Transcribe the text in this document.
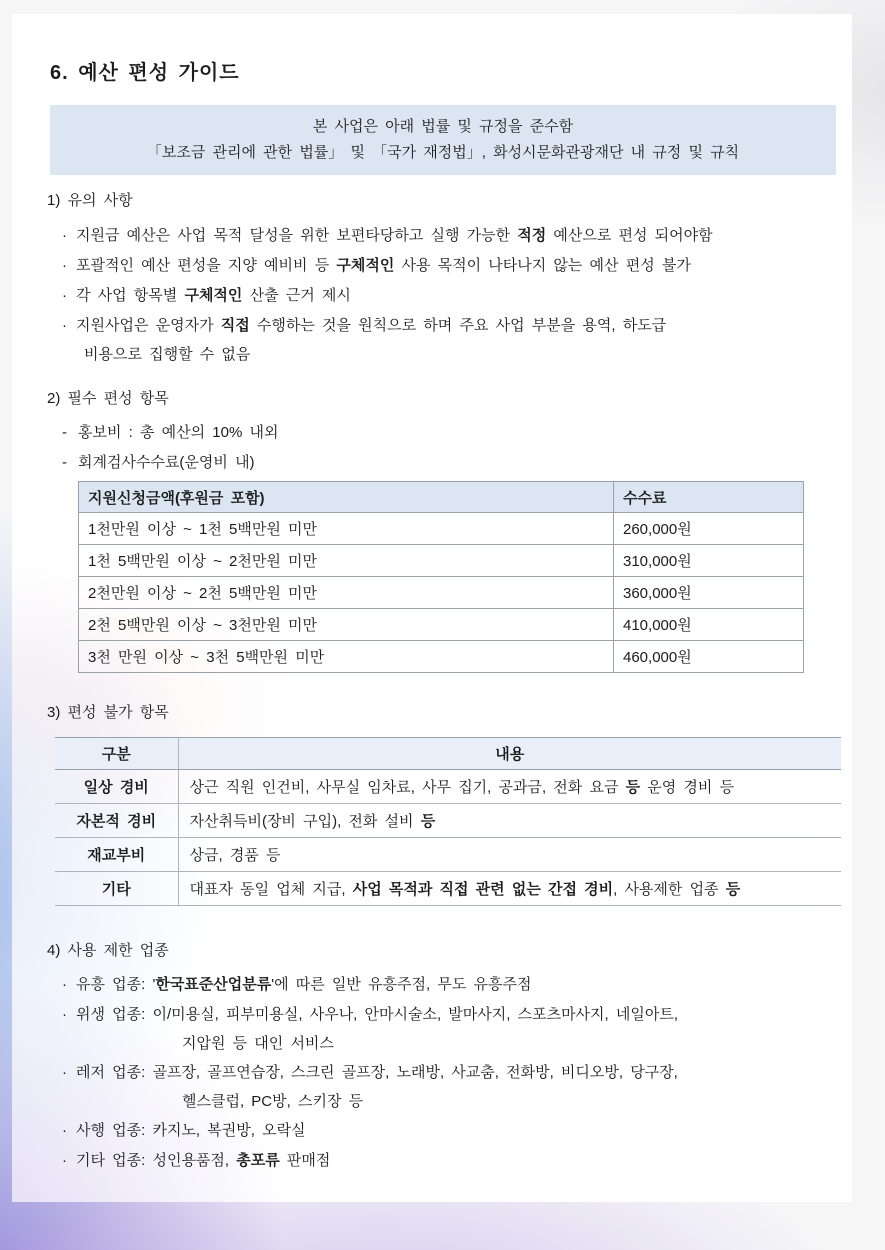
6. 예산 편성 가이드
본 사업은 아래 법률 및 규정을 준수함
「보조금 관리에 관한 법률」 및 「국가 재정법」, 화성시문화관광재단 내 규정 및 규칙
1) 유의 사항
· 지원금 예산은 사업 목적 달성을 위한 보편타당하고 실행 가능한 적정 예산으로 편성 되어야함
· 포괄적인 예산 편성을 지양 예비비 등 구체적인 사용 목적이 나타나지 않는 예산 편성 불가
· 각 사업 항목별 구체적인 산출 근거 제시
· 지원사업은 운영자가 직접 수행하는 것을 원칙으로 하며 주요 사업 부분을 용역, 하도급
비용으로 집행할 수 없음
2) 필수 편성 항목
- 홍보비 : 총 예산의 10% 내외
- 회계검사수수료(운영비 내)
지원신청금액(후원금 포함)	수수료
1천만원 이상 ~ 1천 5백만원 미만	260,000원
1천 5백만원 이상 ~ 2천만원 미만	310,000원
2천만원 이상 ~ 2천 5백만원 미만	360,000원
2천 5백만원 이상 ~ 3천만원 미만	410,000원
3천 만원 이상 ~ 3천 5백만원 미만	460,000원
3) 편성 불가 항목
구분	내용
일상 경비	상근 직원 인건비, 사무실 임차료, 사무 집기, 공과금, 전화 요금 등 운영 경비 등
자본적 경비	자산취득비(장비 구입), 전화 설비 등
재교부비	상금, 경품 등
기타	대표자 동일 업체 지급, 사업 목적과 직접 관련 없는 간접 경비, 사용제한 업종 등
4) 사용 제한 업종
· 유흥 업종: '한국표준산업분류'에 따른 일반 유흥주점, 무도 유흥주점
· 위생 업종: 이/미용실, 피부미용실, 사우나, 안마시술소, 발마사지, 스포츠마사지, 네일아트,
지압원 등 대인 서비스
· 레저 업종: 골프장, 골프연습장, 스크린 골프장, 노래방, 사교춤, 전화방, 비디오방, 당구장,
헬스클럽, PC방, 스키장 등
· 사행 업종: 카지노, 복권방, 오락실
· 기타 업종: 성인용품점, 총포류 판매점
